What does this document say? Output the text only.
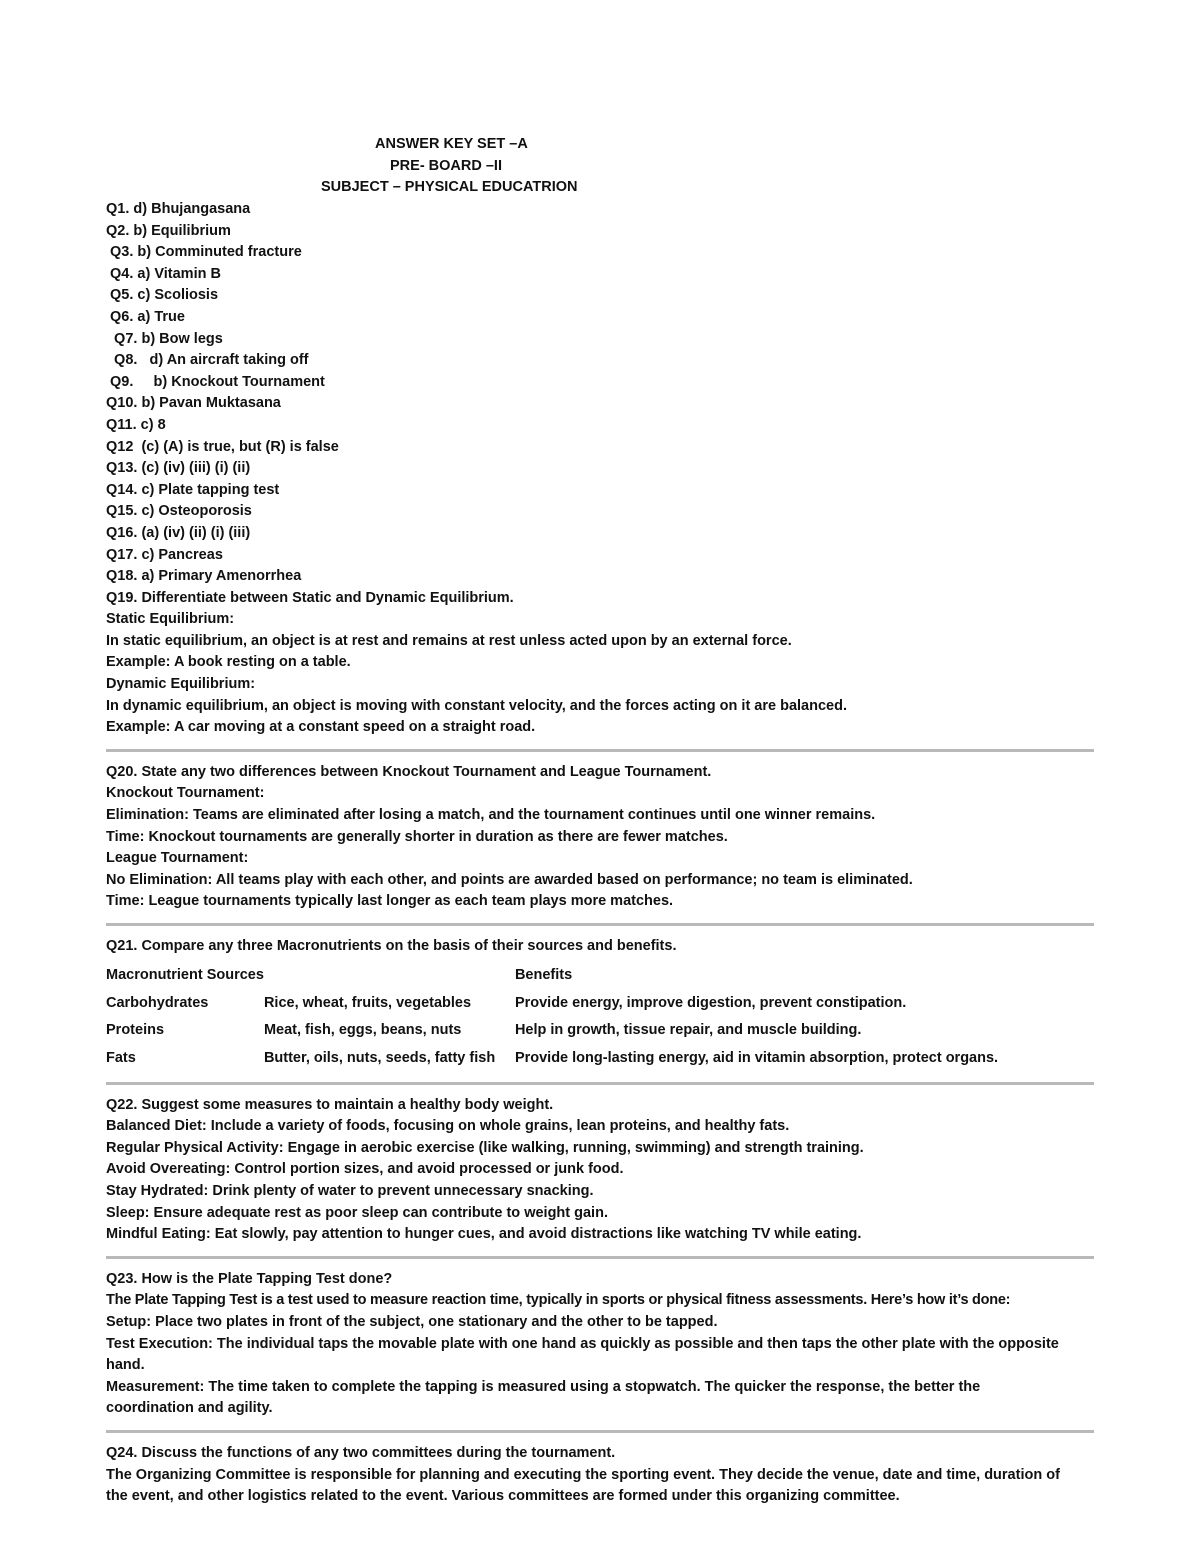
ANSWER KEY SET –A
PRE- BOARD –II
SUBJECT – PHYSICAL EDUCATRION

Q1. d) Bhujangasana

Q2. b) Equilibrium

Q3. b) Comminuted fracture

Q4. a) Vitamin B

Q5. c) Scoliosis

Q6. a) True

Q7. b) Bow legs

Q8.   d) An aircraft taking off

Q9.     b) Knockout Tournament

Q10. b) Pavan Muktasana

Q11. c) 8

Q12  (c) (A) is true, but (R) is false

Q13. (c) (iv) (iii) (i) (ii)

Q14. c) Plate tapping test

Q15. c) Osteoporosis

Q16. (a) (iv) (ii) (i) (iii)

Q17. c) Pancreas

Q18. a) Primary Amenorrhea

Q19. Differentiate between Static and Dynamic Equilibrium.

Static Equilibrium:

In static equilibrium, an object is at rest and remains at rest unless acted upon by an external force.

Example: A book resting on a table.

Dynamic Equilibrium:

In dynamic equilibrium, an object is moving with constant velocity, and the forces acting on it are balanced.

Example: A car moving at a constant speed on a straight road.

Q20. State any two differences between Knockout Tournament and League Tournament.

Knockout Tournament:

Elimination: Teams are eliminated after losing a match, and the tournament continues until one winner remains.

Time: Knockout tournaments are generally shorter in duration as there are fewer matches.

League Tournament:

No Elimination: All teams play with each other, and points are awarded based on performance; no team is eliminated.

Time: League tournaments typically last longer as each team plays more matches.

Q21. Compare any three Macronutrients on the basis of their sources and benefits.

Macronutrient Sources		Benefits
Carbohydrates	Rice, wheat, fruits, vegetables	Provide energy, improve digestion, prevent constipation.
Proteins	Meat, fish, eggs, beans, nuts	Help in growth, tissue repair, and muscle building.
Fats	Butter, oils, nuts, seeds, fatty fish	Provide long-lasting energy, aid in vitamin absorption, protect organs.

Q22. Suggest some measures to maintain a healthy body weight.

Balanced Diet: Include a variety of foods, focusing on whole grains, lean proteins, and healthy fats.

Regular Physical Activity: Engage in aerobic exercise (like walking, running, swimming) and strength training.

Avoid Overeating: Control portion sizes, and avoid processed or junk food.

Stay Hydrated: Drink plenty of water to prevent unnecessary snacking.

Sleep: Ensure adequate rest as poor sleep can contribute to weight gain.

Mindful Eating: Eat slowly, pay attention to hunger cues, and avoid distractions like watching TV while eating.

Q23. How is the Plate Tapping Test done?

The Plate Tapping Test is a test used to measure reaction time, typically in sports or physical fitness assessments. Here’s how it’s done:

Setup: Place two plates in front of the subject, one stationary and the other to be tapped.

Test Execution: The individual taps the movable plate with one hand as quickly as possible and then taps the other plate with the opposite hand.

Measurement: The time taken to complete the tapping is measured using a stopwatch. The quicker the response, the better the coordination and agility.

Q24. Discuss the functions of any two committees during the tournament.

The Organizing Committee is responsible for planning and executing the sporting event. They decide the venue, date and time, duration of the event, and other logistics related to the event. Various committees are formed under this organizing committee.
